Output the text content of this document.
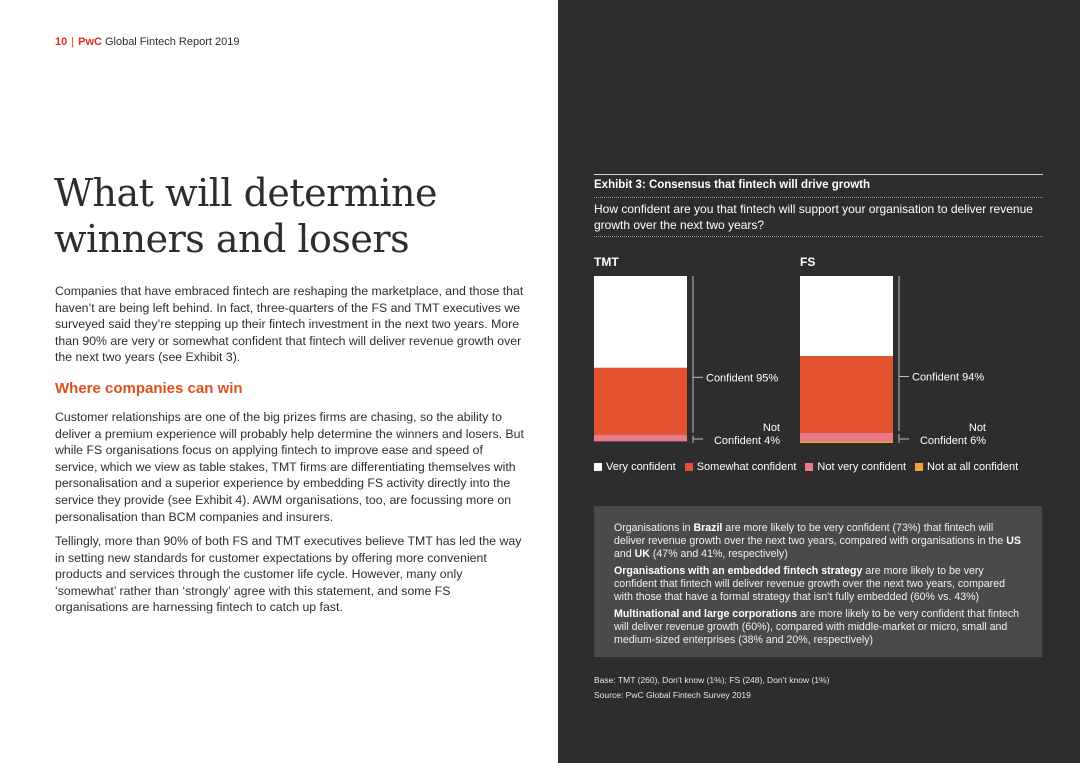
10 | PwC Global Fintech Report 2019
What will determine winners and losers

Companies that have embraced fintech are reshaping the marketplace, and those that haven’t are being left behind. In fact, three-quarters of the FS and TMT executives we surveyed said they’re stepping up their fintech investment in the next two years. More than 90% are very or somewhat confident that fintech will deliver revenue growth over the next two years (see Exhibit 3).

Where companies can win

Customer relationships are one of the big prizes firms are chasing, so the ability to deliver a premium experience will probably help determine the winners and losers. But while FS organisations focus on applying fintech to improve ease and speed of service, which we view as table stakes, TMT firms are differentiating themselves with personalisation and a superior experience by embedding FS activity directly into the service they provide (see Exhibit 4). AWM organisations, too, are focussing more on personalisation than BCM companies and insurers.

Tellingly, more than 90% of both FS and TMT executives believe TMT has led the way in setting new standards for customer expectations by offering more convenient products and services through the customer life cycle. However, many only ‘somewhat’ rather than ‘strongly’ agree with this statement, and some FS organisations are harnessing fintech to catch up fast.

Exhibit 3: Consensus that fintech will drive growth

How confident are you that fintech will support your organisation to deliver revenue growth over the next two years?

TMT	FS
Confident 95%
Not
Confident 4%
Confident 94%
Not
Confident 6%
Very confident Somewhat confident Not very confident Not at all confident

Organisations in Brazil are more likely to be very confident (73%) that fintech will deliver revenue growth over the next two years, compared with organisations in the US and UK (47% and 41%, respectively)

Organisations with an embedded fintech strategy are more likely to be very confident that fintech will deliver revenue growth over the next two years, compared with those that have a formal strategy that isn’t fully embedded (60% vs. 43%)

Multinational and large corporations are more likely to be very confident that fintech will deliver revenue growth (60%), compared with middle-market or micro, small and medium-sized enterprises (38% and 20%, respectively)

Base: TMT (260), Don’t know (1%); FS (248), Don’t know (1%)

Source: PwC Global Fintech Survey 2019
